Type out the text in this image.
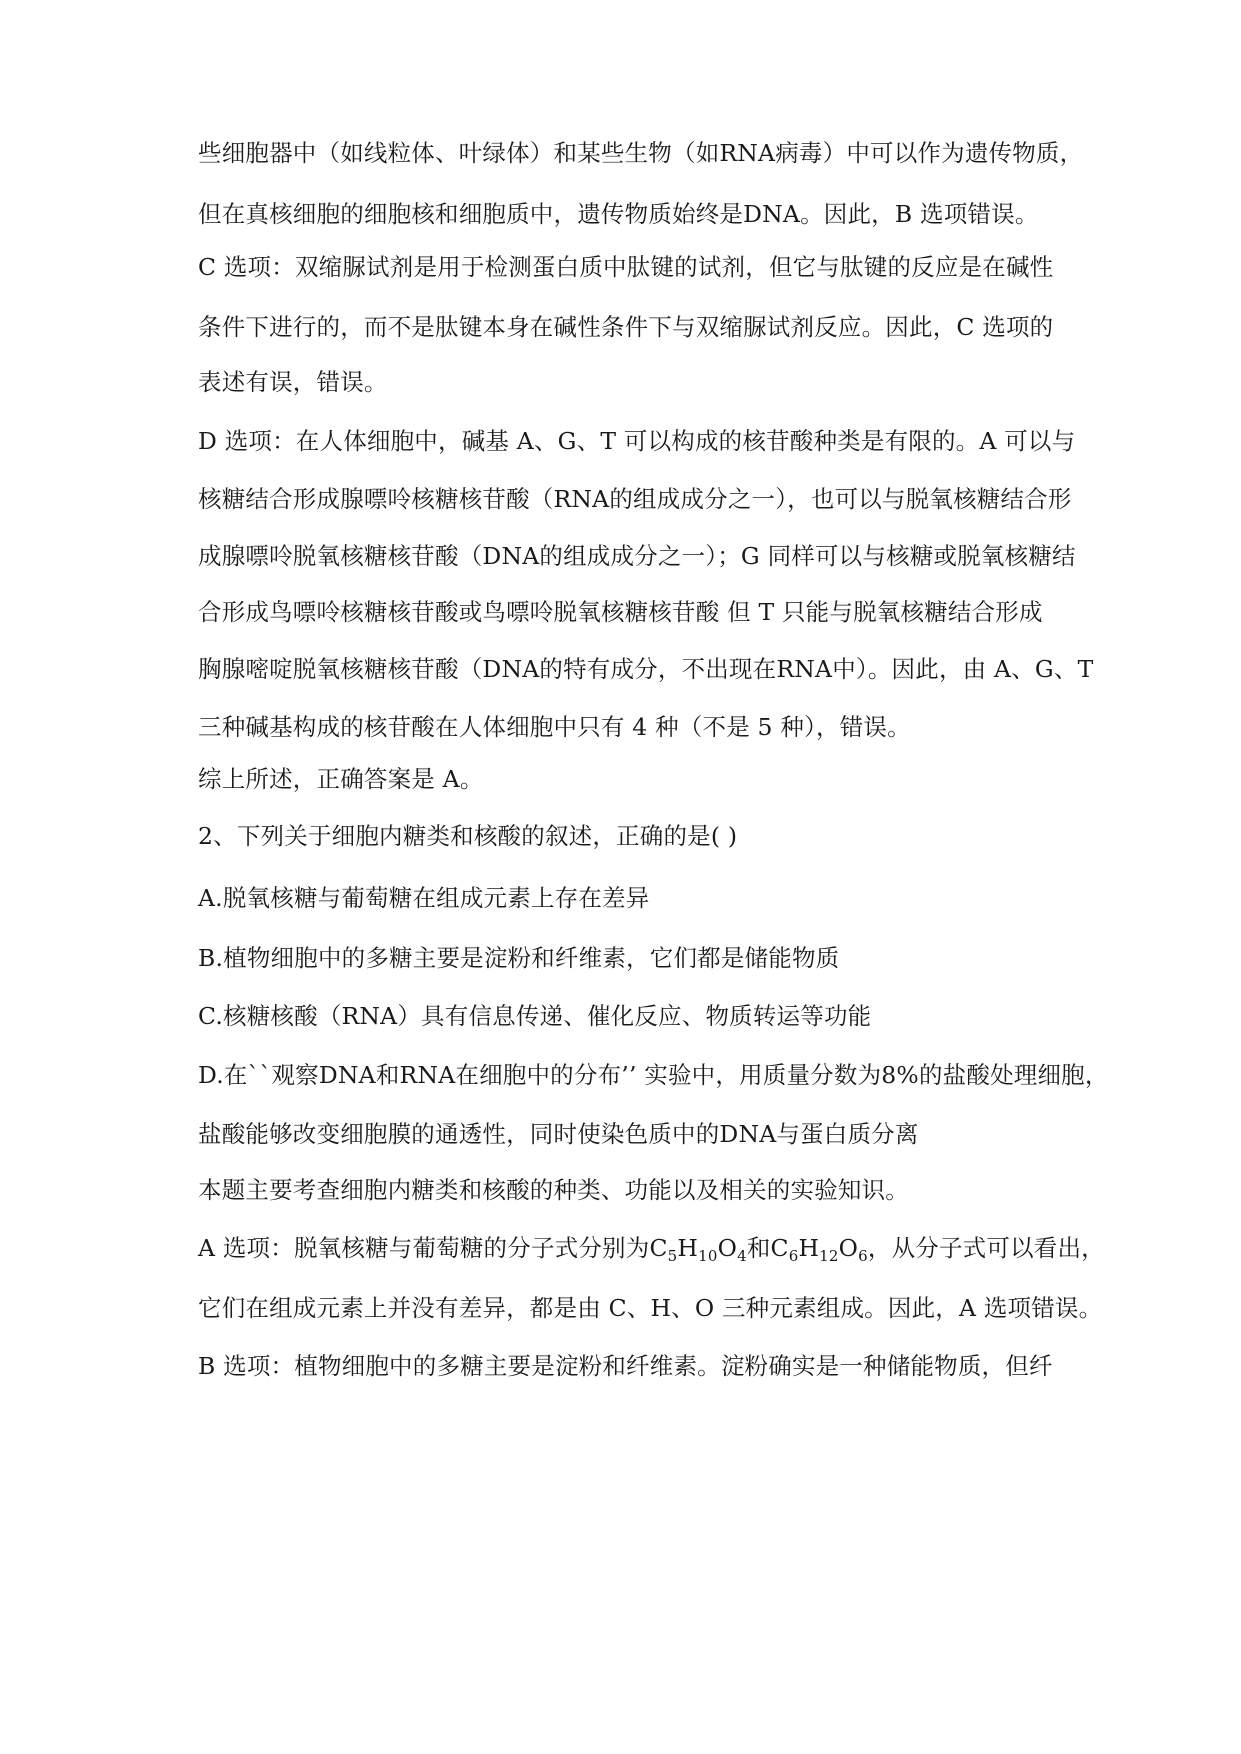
些细胞器中（如线粒体、叶绿体）和某些生物（如RNA病毒）中可以作为遗传物质，
但在真核细胞的细胞核和细胞质中，遗传物质始终是DNA。因此，B 选项错误。
C 选项：双缩脲试剂是用于检测蛋白质中肽键的试剂，但它与肽键的反应是在碱性
条件下进行的，而不是肽键本身在碱性条件下与双缩脲试剂反应。因此，C 选项的
表述有误，错误。
D 选项：在人体细胞中，碱基 A、G、T 可以构成的核苷酸种类是有限的。A 可以与
核糖结合形成腺嘌呤核糖核苷酸（RNA的组成成分之一），也可以与脱氧核糖结合形
成腺嘌呤脱氧核糖核苷酸（DNA的组成成分之一）；G 同样可以与核糖或脱氧核糖结
合形成鸟嘌呤核糖核苷酸或鸟嘌呤脱氧核糖核苷酸 但 T 只能与脱氧核糖结合形成
胸腺嘧啶脱氧核糖核苷酸（DNA的特有成分，不出现在RNA中）。因此，由 A、G、T
三种碱基构成的核苷酸在人体细胞中只有 4 种（不是 5 种），错误。
综上所述，正确答案是 A。
2、下列关于细胞内糖类和核酸的叙述，正确的是( )
A.脱氧核糖与葡萄糖在组成元素上存在差异
B.植物细胞中的多糖主要是淀粉和纤维素，它们都是储能物质
C.核糖核酸（RNA）具有信息传递、催化反应、物质转运等功能
D.在``观察DNA和RNA在细胞中的分布’’ 实验中，用质量分数为8%的盐酸处理细胞，
盐酸能够改变细胞膜的通透性，同时使染色质中的DNA与蛋白质分离
本题主要考查细胞内糖类和核酸的种类、功能以及相关的实验知识。
A 选项：脱氧核糖与葡萄糖的分子式分别为$C_5H_{10}O_4$和$C_6H_{12}O_6$，从分子式可以看出，
它们在组成元素上并没有差异，都是由 C、H、O 三种元素组成。因此，A 选项错误。
B 选项：植物细胞中的多糖主要是淀粉和纤维素。淀粉确实是一种储能物质，但纤
